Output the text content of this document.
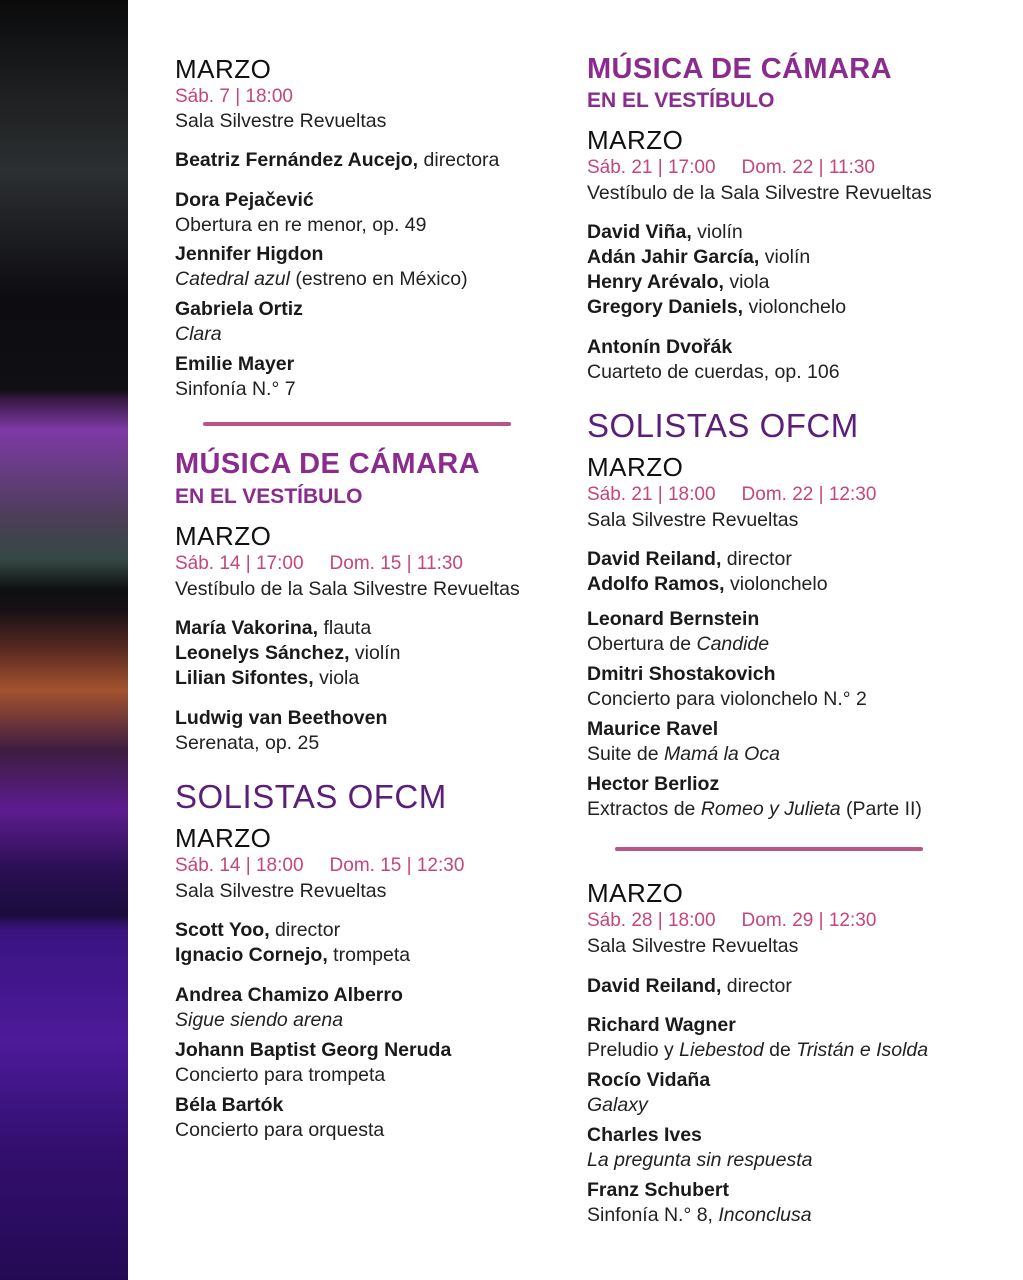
MARZO
Sáb. 7 | 18:00
Sala Silvestre Revueltas
Beatriz Fernández Aucejo, directora
Dora Pejačević
Obertura en re menor, op. 49
Jennifer Higdon
Catedral azul (estreno en México)
Gabriela Ortiz
Clara
Emilie Mayer
Sinfonía N.° 7
MÚSICA DE CÁMARA
EN EL VESTÍBULO
MARZO
Sáb. 14 | 17:00 Dom. 15 | 11:30
Vestíbulo de la Sala Silvestre Revueltas
María Vakorina, flauta
Leonelys Sánchez, violín
Lilian Sifontes, viola
Ludwig van Beethoven
Serenata, op. 25
SOLISTAS OFCM
MARZO
Sáb. 14 | 18:00 Dom. 15 | 12:30
Sala Silvestre Revueltas
Scott Yoo, director
Ignacio Cornejo, trompeta
Andrea Chamizo Alberro
Sigue siendo arena
Johann Baptist Georg Neruda
Concierto para trompeta
Béla Bartók
Concierto para orquesta
MÚSICA DE CÁMARA
EN EL VESTÍBULO
MARZO
Sáb. 21 | 17:00 Dom. 22 | 11:30
Vestíbulo de la Sala Silvestre Revueltas
David Viña, violín
Adán Jahir García, violín
Henry Arévalo, viola
Gregory Daniels, violonchelo
Antonín Dvořák
Cuarteto de cuerdas, op. 106
SOLISTAS OFCM
MARZO
Sáb. 21 | 18:00 Dom. 22 | 12:30
Sala Silvestre Revueltas
David Reiland, director
Adolfo Ramos, violonchelo
Leonard Bernstein
Obertura de Candide
Dmitri Shostakovich
Concierto para violonchelo N.° 2
Maurice Ravel
Suite de Mamá la Oca
Hector Berlioz
Extractos de Romeo y Julieta (Parte II)
MARZO
Sáb. 28 | 18:00 Dom. 29 | 12:30
Sala Silvestre Revueltas
David Reiland, director
Richard Wagner
Preludio y Liebestod de Tristán e Isolda
Rocío Vidaña
Galaxy
Charles Ives
La pregunta sin respuesta
Franz Schubert
Sinfonía N.° 8, Inconclusa
